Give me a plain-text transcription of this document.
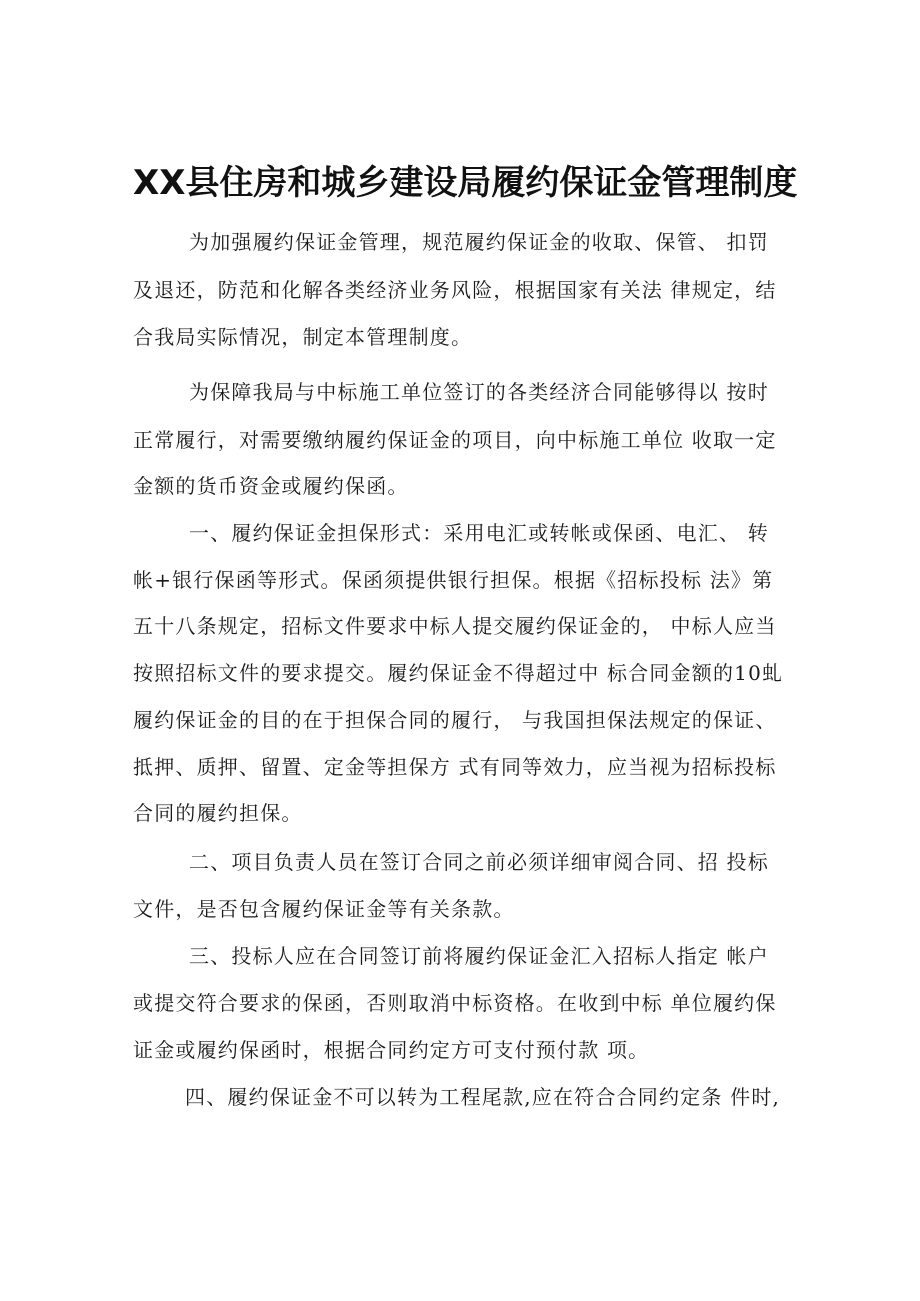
XX县住房和城乡建设局履约保证金管理制度
为加强履约保证金管理，规范履约保证金的收取、保管、 扣罚
及退还，防范和化解各类经济业务风险，根据国家有关法 律规定，结
合我局实际情况，制定本管理制度。
为保障我局与中标施工单位签订的各类经济合同能够得以 按时
正常履行，对需要缴纳履约保证金的项目，向中标施工单位 收取一定
金额的货币资金或履约保函。
一、履约保证金担保形式：采用电汇或转帐或保函、电汇、 转
帐+银行保函等形式。保函须提供银行担保。根据《招标投标 法》第
五十八条规定，招标文件要求中标人提交履约保证金的， 中标人应当
按照招标文件的要求提交。履约保证金不得超过中 标合同金额的10虬
履约保证金的目的在于担保合同的履行， 与我国担保法规定的保证、
抵押、质押、留置、定金等担保方 式有同等效力，应当视为招标投标
合同的履约担保。
二、项目负责人员在签订合同之前必须详细审阅合同、招 投标
文件，是否包含履约保证金等有关条款。
三、投标人应在合同签订前将履约保证金汇入招标人指定 帐户
或提交符合要求的保函，否则取消中标资格。在收到中标 单位履约保
证金或履约保函时，根据合同约定方可支付预付款 项。
四、履约保证金不可以转为工程尾款,应在符合合同约定条 件时,
